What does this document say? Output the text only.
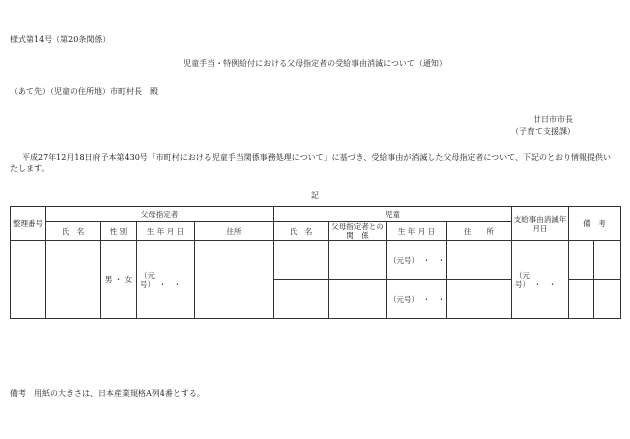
様式第14号（第20条関係）
児童手当・特例給付における父母指定者の受給事由消滅について（通知）
（あて先）（児童の住所地）市町村長　殿
廿日市市長
（子育て支援課）
平成27年12月18日府子本第430号「市町村における児童手当関係事務処理について」に基づき、受給事由が消滅した父母指定者について、下記のとおり情報提供いたします。
記
整理番号	父母指定者				児童				支給事由消滅年月日	備　考	
	氏　名	性 別	生 年 月 日	住所	氏　名	父母指定者との関　係	生 年 月 日	住　　所			
		男 ・ 女	（元号）　・　・				（元号）　・　・		（元号）　・　・		
							（元号）　・　・				
備考　用紙の大きさは、日本産業規格A列4番とする。
